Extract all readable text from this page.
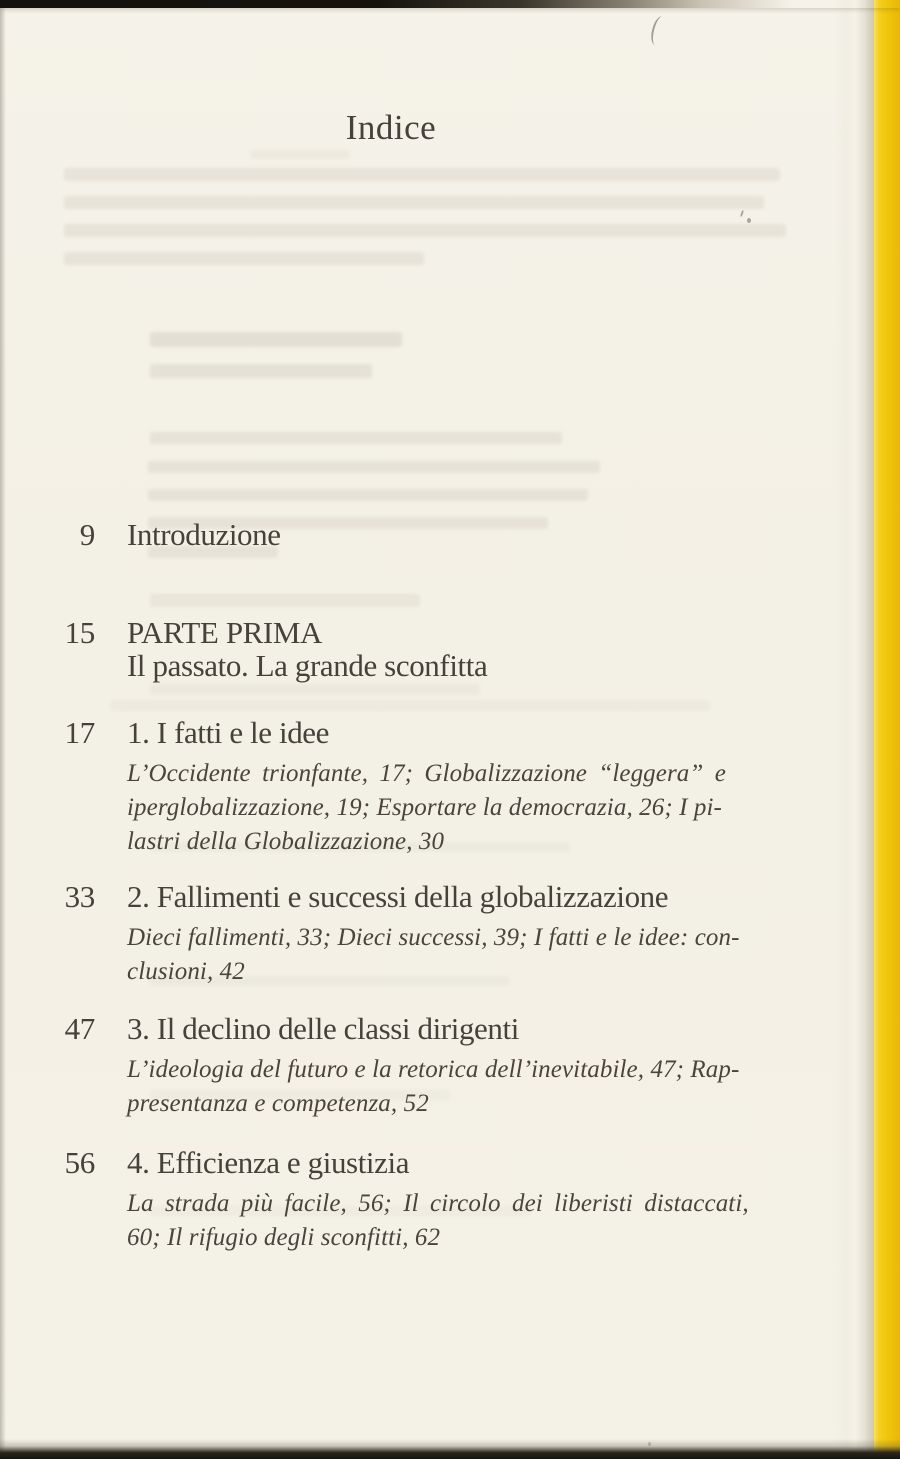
Indice
9 Introduzione
15 PARTE PRIMA
Il passato. La grande sconfitta
17 1. I fatti e le idee
L’Occidente trionfante, 17; Globalizzazione “leggera” e
iperglobalizzazione, 19; Esportare la democrazia, 26; I pi-
lastri della Globalizzazione, 30
33 2. Fallimenti e successi della globalizzazione
Dieci fallimenti, 33; Dieci successi, 39; I fatti e le idee: con-
clusioni, 42
47 3. Il declino delle classi dirigenti
L’ideologia del futuro e la retorica dell’inevitabile, 47; Rap-
presentanza e competenza, 52
56 4. Efficienza e giustizia
La strada più facile, 56; Il circolo dei liberisti distaccati,
60; Il rifugio degli sconfitti, 62
